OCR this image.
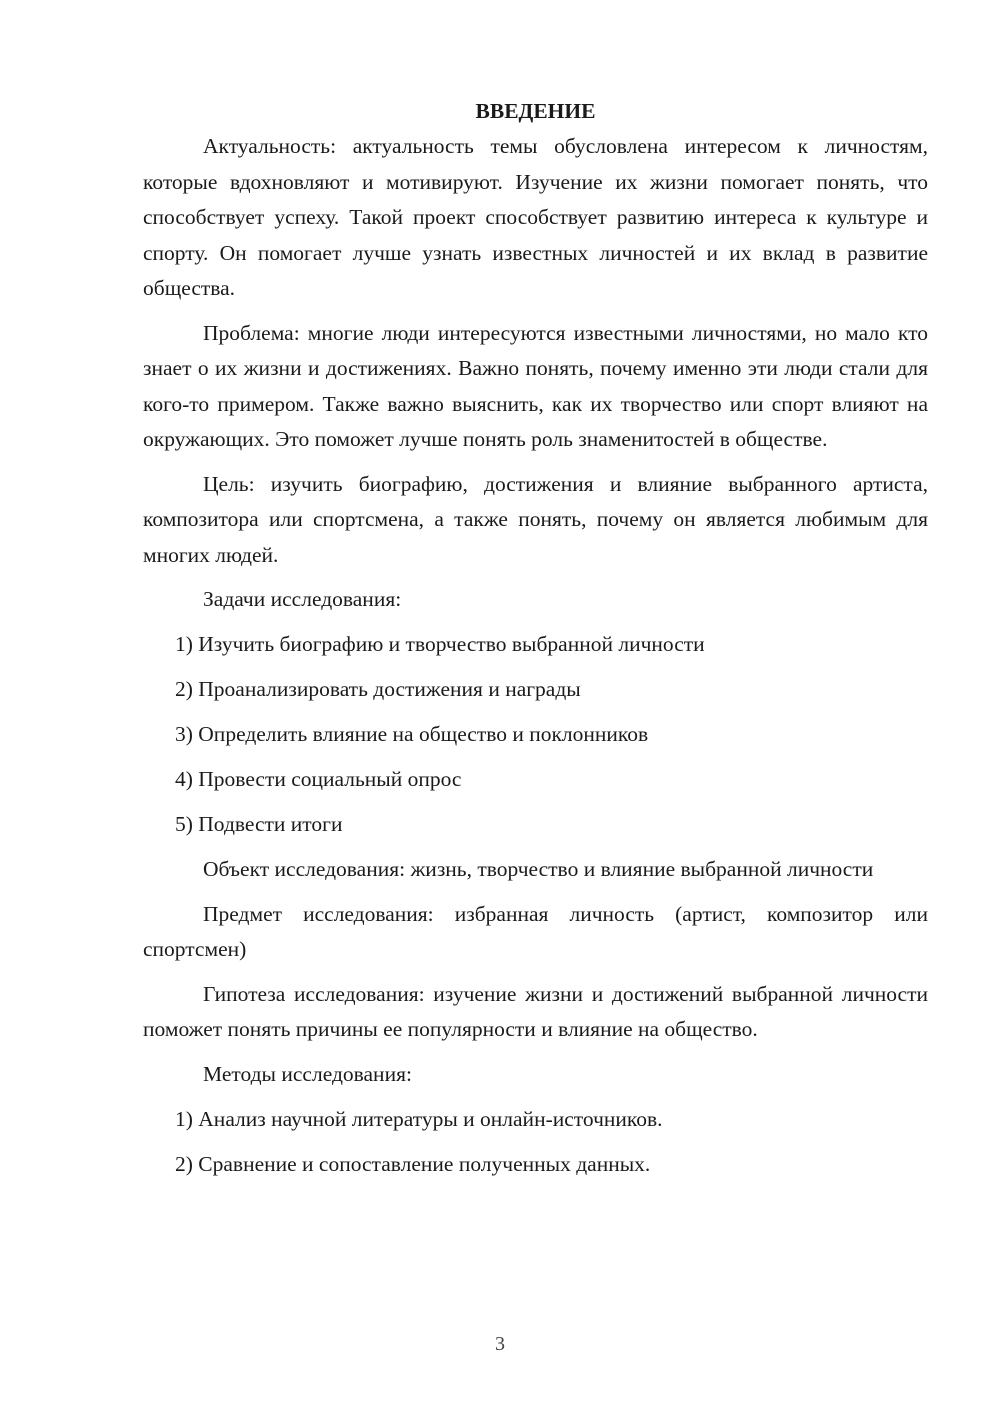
ВВЕДЕНИЕ

Актуальность: актуальность темы обусловлена интересом к личностям, которые вдохновляют и мотивируют. Изучение их жизни помогает понять, что способствует успеху. Такой проект способствует развитию интереса к культуре и спорту. Он помогает лучше узнать известных личностей и их вклад в развитие общества.

Проблема: многие люди интересуются известными личностями, но мало кто знает о их жизни и достижениях. Важно понять, почему именно эти люди стали для кого-то примером. Также важно выяснить, как их творчество или спорт влияют на окружающих. Это поможет лучше понять роль знаменитостей в обществе.

Цель: изучить биографию, достижения и влияние выбранного артиста, композитора или спортсмена, а также понять, почему он является любимым для многих людей.

Задачи исследования:
1) Изучить биографию и творчество выбранной личности
2) Проанализировать достижения и награды
3) Определить влияние на общество и поклонников
4) Провести социальный опрос
5) Подвести итоги

Объект исследования: жизнь, творчество и влияние выбранной личности

Предмет исследования: избранная личность (артист, композитор или спортсмен)

Гипотеза исследования: изучение жизни и достижений выбранной личности поможет понять причины ее популярности и влияние на общество.

Методы исследования:
1) Анализ научной литературы и онлайн-источников.
2) Сравнение и сопоставление полученных данных.
3
